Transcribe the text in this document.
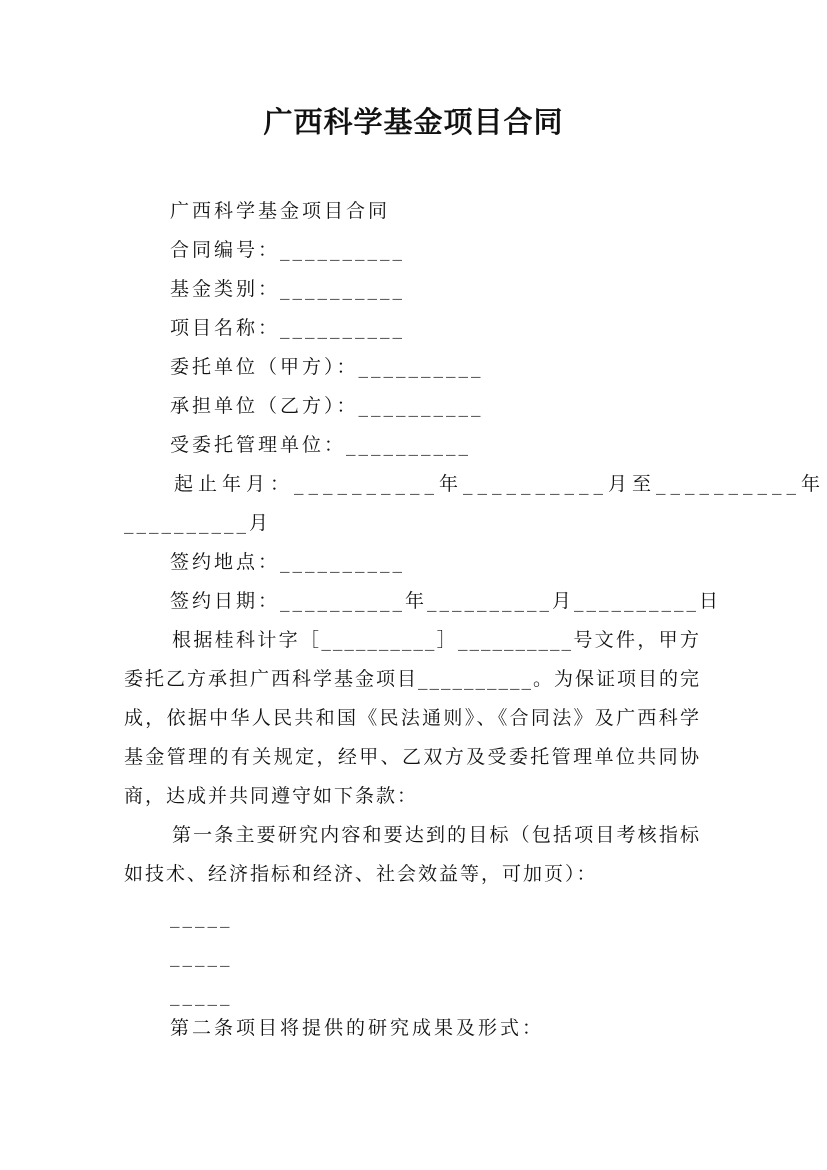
广西科学基金项目合同

广西科学基金项目合同

合同编号：__________

基金类别：__________

项目名称：__________

委托单位（甲方）：__________

承担单位（乙方）：__________

受委托管理单位：__________

起止年月：__________年__________月至__________年

__________月

签约地点：__________

签约日期：__________年__________月__________日

根据桂科计字［__________］__________号文件，甲方委托乙方承担广西科学基金项目__________。为保证项目的完成，依据中华人民共和国《民法通则》、《合同法》及广西科学基金管理的有关规定，经甲、乙双方及受委托管理单位共同协商，达成并共同遵守如下条款：

第一条主要研究内容和要达到的目标（包括项目考核指标如技术、经济指标和经济、社会效益等，可加页）：

_____

_____

_____

第二条项目将提供的研究成果及形式：
